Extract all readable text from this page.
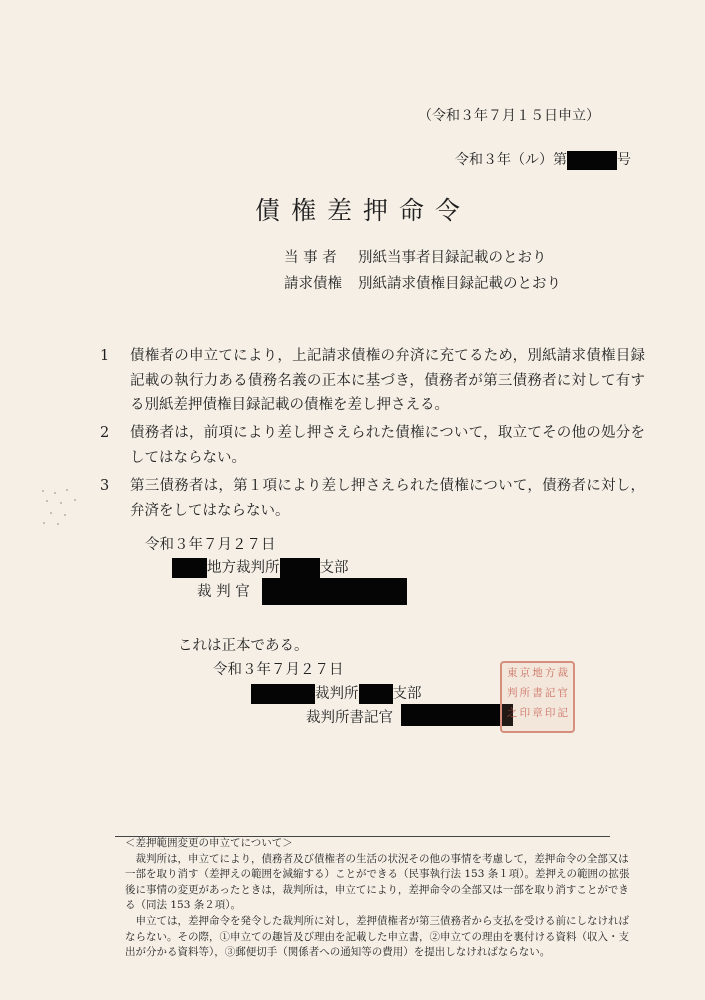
（令和３年７月１５日申立）
令和３年（ル）第	号
債権差押命令
当 事 者 別紙当事者目録記載のとおり
請求債権 別紙請求債権目録記載のとおり
1 債権者の申立てにより，上記請求債権の弁済に充てるため，別紙請求債権目録記載の執行力ある債務名義の正本に基づき，債務者が第三債務者に対して有する別紙差押債権目録記載の債権を差し押さえる。
2 債務者は，前項により差し押さえられた債権について，取立てその他の処分をしてはならない。
3 第三債務者は，第１項により差し押さえられた債権について，債務者に対し，弁済をしてはならない。
令和３年７月２７日
地方裁判所	支部
裁 判 官
これは正本である。
令和３年７月２７日
裁判所 支部
裁判所書記官
東 京 地 方 裁
判 所 書 記 官
之 印 章 印 記

＜差押範囲変更の申立てについて＞

裁判所は，申立てにより，債務者及び債権者の生活の状況その他の事情を考慮して，差押命令の全部又は一部を取り消す（差押えの範囲を減縮する）ことができる（民事執行法 153 条１項）。差押えの範囲の拡張後に事情の変更があったときは，裁判所は，申立てにより，差押命令の全部又は一部を取り消すことができる（同法 153 条２項）。

申立ては，差押命令を発令した裁判所に対し，差押債権者が第三債務者から支払を受ける前にしなければならない。その際，①申立ての趣旨及び理由を記載した申立書，②申立ての理由を裏付ける資料（収入・支出が分かる資料等），③郵便切手（関係者への通知等の費用）を提出しなければならない。
